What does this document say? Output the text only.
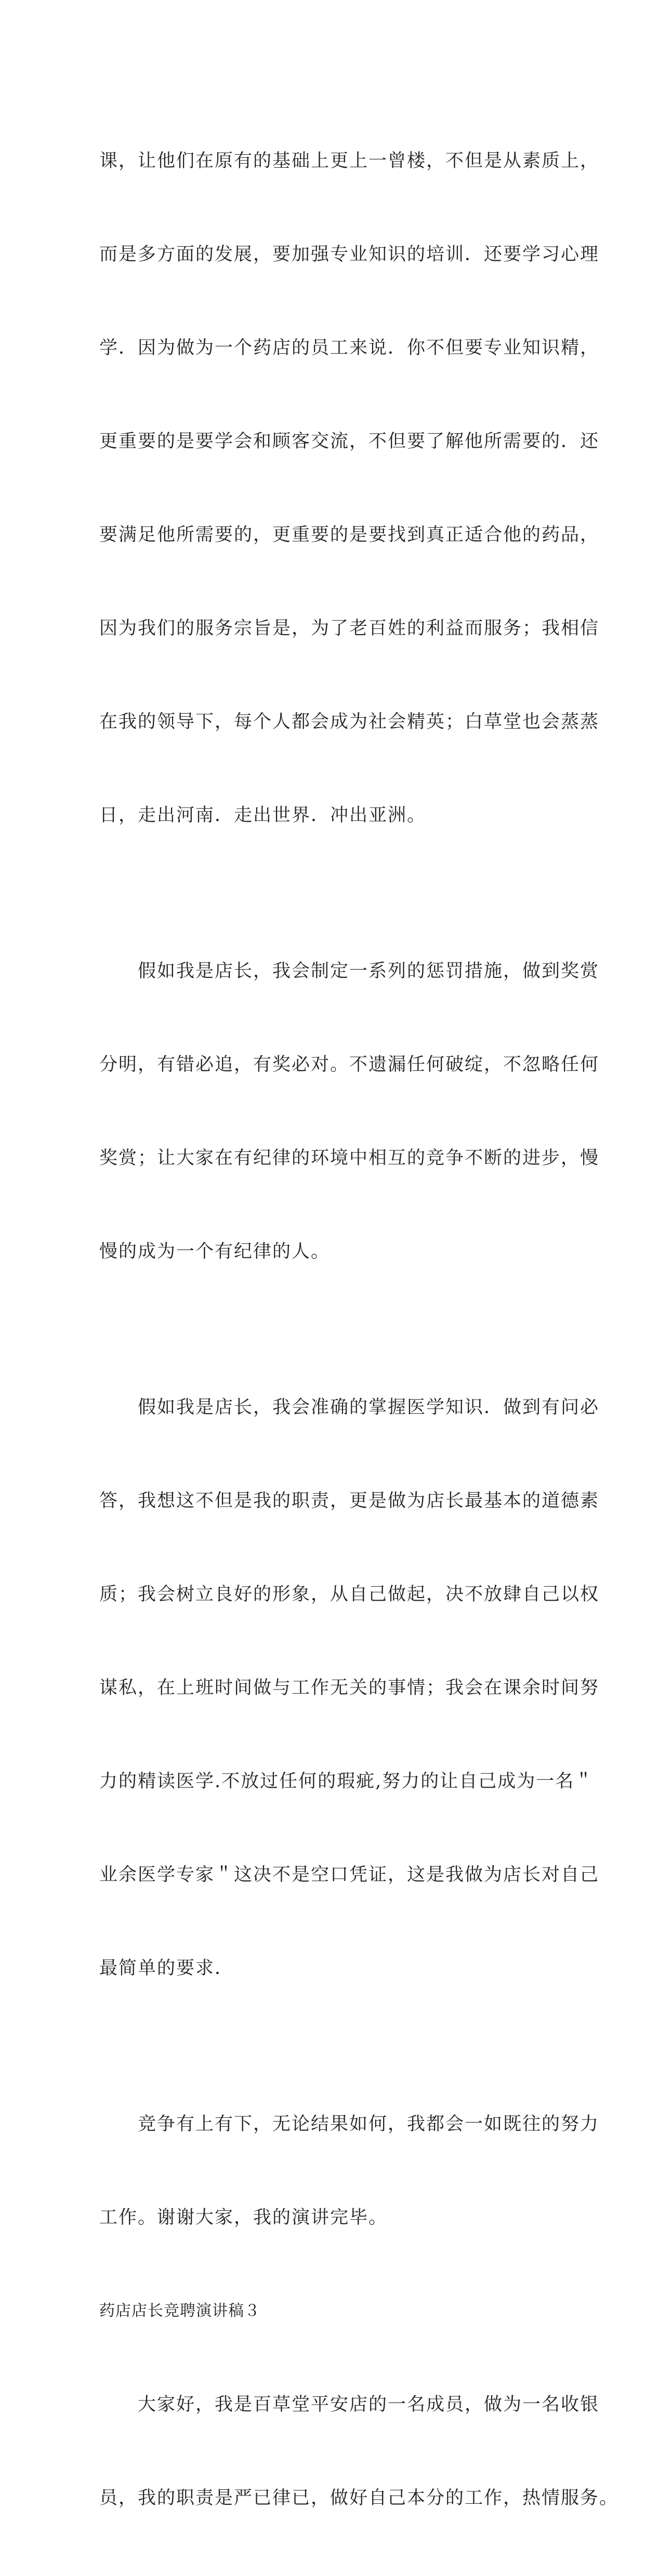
课，让他们在原有的基础上更上一曾楼，不但是从素质上，

而是多方面的发展，要加强专业知识的培训．还要学习心理

学．因为做为一个药店的员工来说．你不但要专业知识精，

更重要的是要学会和顾客交流，不但要了解他所需要的．还

要满足他所需要的，更重要的是要找到真正适合他的药品，

因为我们的服务宗旨是，为了老百姓的利益而服务；我相信

在我的领导下，每个人都会成为社会精英；白草堂也会蒸蒸

日，走出河南．走出世界．冲出亚洲。

　　假如我是店长，我会制定一系列的惩罚措施，做到奖赏

分明，有错必追，有奖必对。不遗漏任何破绽，不忽略任何

奖赏；让大家在有纪律的环境中相互的竞争不断的进步，慢

慢的成为一个有纪律的人。

　　假如我是店长，我会准确的掌握医学知识．做到有问必

答，我想这不但是我的职责，更是做为店长最基本的道德素

质；我会树立良好的形象，从自己做起，决不放肆自己以权

谋私，在上班时间做与工作无关的事情；我会在课余时间努

力的精读医学.不放过任何的瑕疵,努力的让自己成为一名＂

业余医学专家＂这决不是空口凭证，这是我做为店长对自己

最简单的要求．

　　竞争有上有下，无论结果如何，我都会一如既往的努力

工作。谢谢大家，我的演讲完毕。

药店店长竞聘演讲稿３

　　大家好，我是百草堂平安店的一名成员，做为一名收银

员，我的职责是严已律已，做好自己本分的工作，热情服务。
